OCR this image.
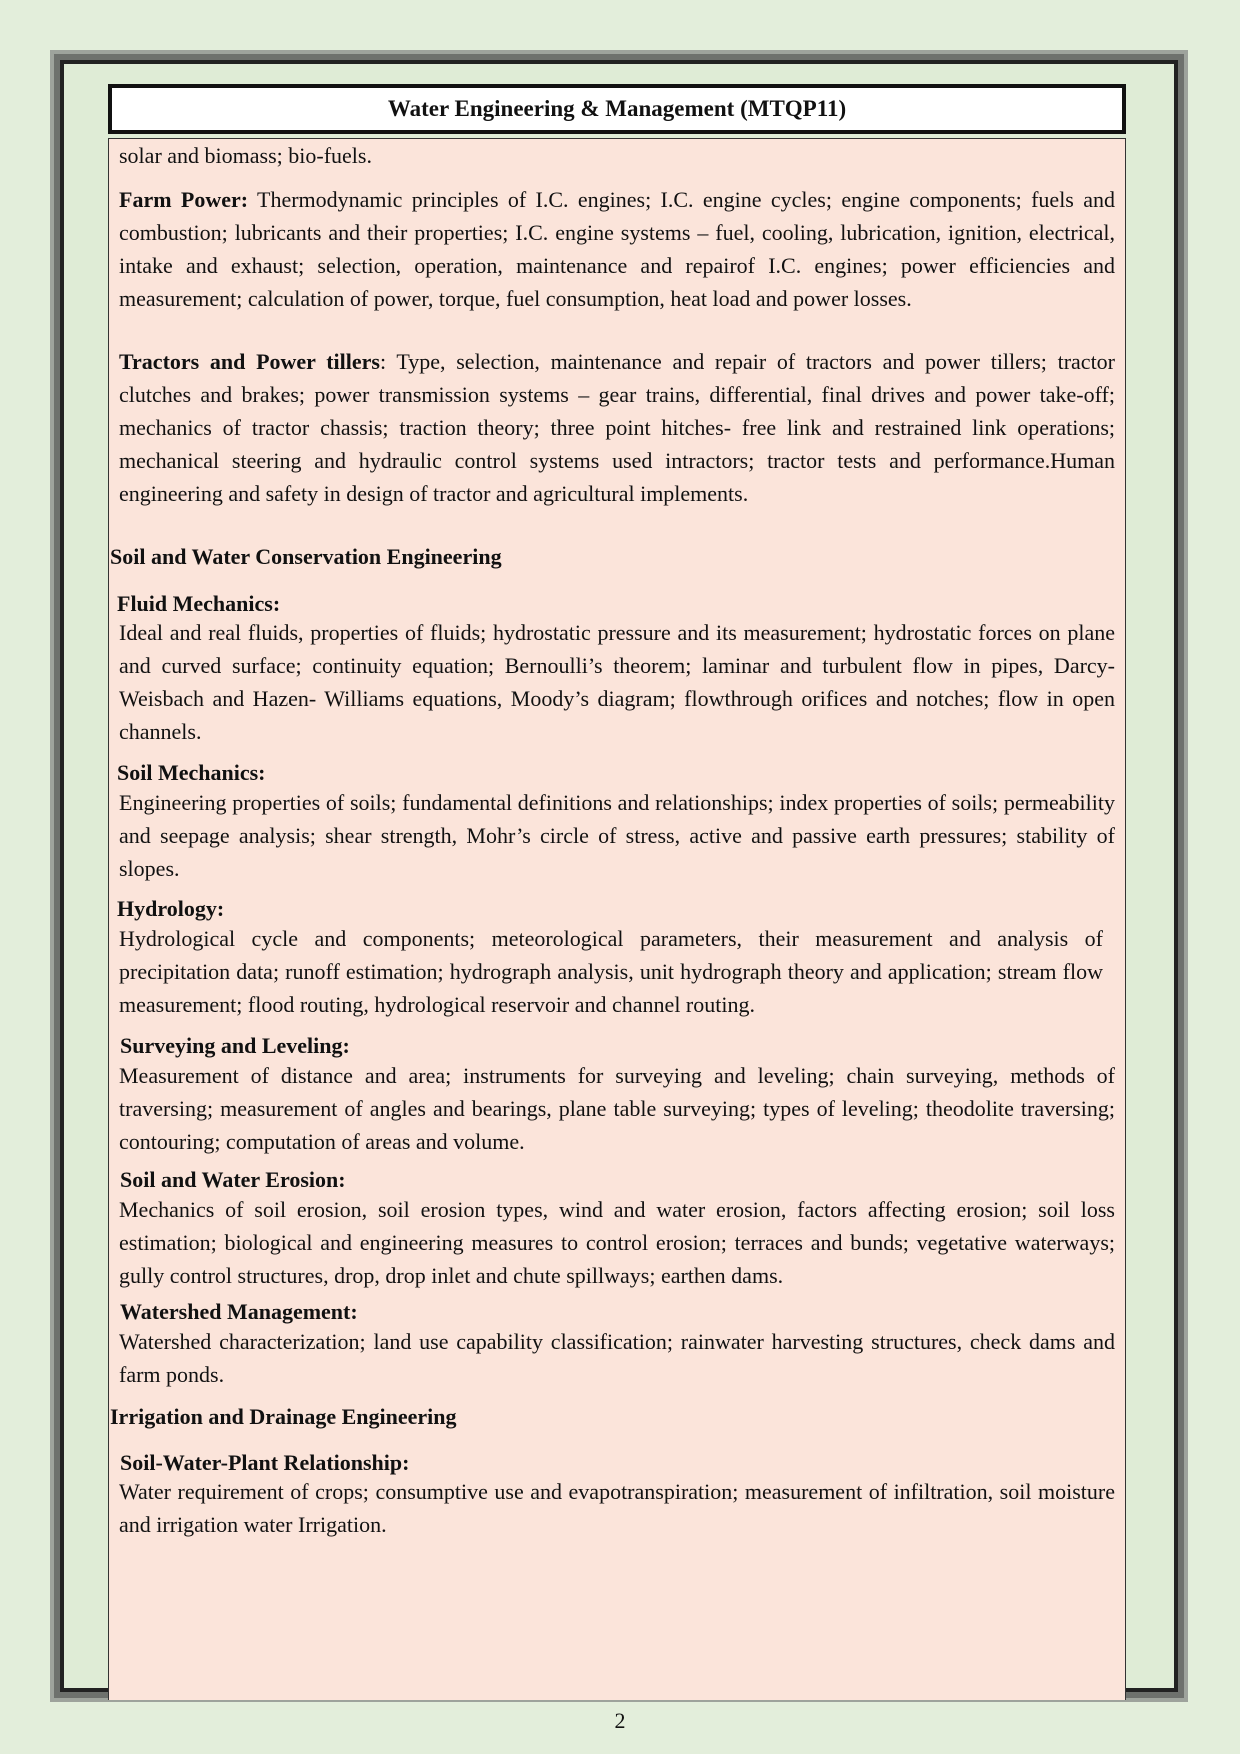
Water Engineering & Management (MTQP11)

solar and biomass; bio-fuels.

Farm Power: Thermodynamic principles of I.C. engines; I.C. engine cycles; engine components; fuels and combustion; lubricants and their properties; I.C. engine systems – fuel, cooling, lubrication, ignition, electrical, intake and exhaust; selection, operation, maintenance and repairof I.C. engines; power efficiencies and measurement; calculation of power, torque, fuel consumption, heat load and power losses.

Tractors and Power tillers: Type, selection, maintenance and repair of tractors and power tillers; tractor clutches and brakes; power transmission systems – gear trains, differential, final drives and power take-off; mechanics of tractor chassis; traction theory; three point hitches- free link and restrained link operations; mechanical steering and hydraulic control systems used intractors; tractor tests and performance.Human engineering and safety in design of tractor and agricultural implements.

Soil and Water Conservation Engineering

Fluid Mechanics:

Ideal and real fluids, properties of fluids; hydrostatic pressure and its measurement; hydrostatic forces on plane and curved surface; continuity equation; Bernoulli’s theorem; laminar and turbulent flow in pipes, Darcy- Weisbach and Hazen- Williams equations, Moody’s diagram; flowthrough orifices and notches; flow in open channels.

Soil Mechanics:

Engineering properties of soils; fundamental definitions and relationships; index properties of soils; permeability and seepage analysis; shear strength, Mohr’s circle of stress, active and passive earth pressures; stability of slopes.

Hydrology:

Hydrological cycle and components; meteorological parameters, their measurement and analysis of precipitation data; runoff estimation; hydrograph analysis, unit hydrograph theory and application; stream flow measurement; flood routing, hydrological reservoir and channel routing.

Surveying and Leveling:

Measurement of distance and area; instruments for surveying and leveling; chain surveying, methods of traversing; measurement of angles and bearings, plane table surveying; types of leveling; theodolite traversing; contouring; computation of areas and volume.

Soil and Water Erosion:

Mechanics of soil erosion, soil erosion types, wind and water erosion, factors affecting erosion; soil loss estimation; biological and engineering measures to control erosion; terraces and bunds; vegetative waterways; gully control structures, drop, drop inlet and chute spillways; earthen dams.

Watershed Management:

Watershed characterization; land use capability classification; rainwater harvesting structures, check dams and farm ponds.

Irrigation and Drainage Engineering

Soil-Water-Plant Relationship:

Water requirement of crops; consumptive use and evapotranspiration; measurement of infiltration, soil moisture and irrigation water Irrigation.

2
